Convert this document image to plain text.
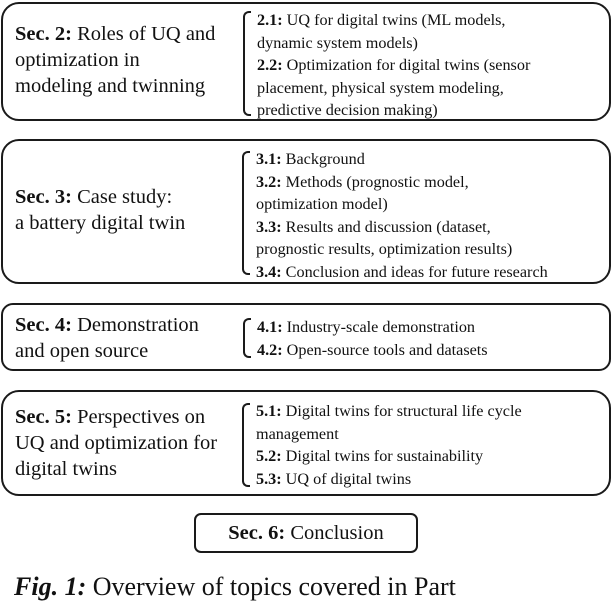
Sec. 2: Roles of UQ and
optimization in
modeling and twinning
2.1: UQ for digital twins (ML models,
dynamic system models)
2.2: Optimization for digital twins (sensor
placement, physical system modeling,
predictive decision making)
Sec. 3: Case study:
a battery digital twin
3.1: Background
3.2: Methods (prognostic model,
optimization model)
3.3: Results and discussion (dataset,
prognostic results, optimization results)
3.4: Conclusion and ideas for future research
Sec. 4: Demonstration
and open source
4.1: Industry-scale demonstration
4.2: Open-source tools and datasets
Sec. 5: Perspectives on
UQ and optimization for
digital twins
5.1: Digital twins for structural life cycle
management
5.2: Digital twins for sustainability
5.3: UQ of digital twins
Sec. 6: Conclusion
Fig. 1: Overview of topics covered in Part
